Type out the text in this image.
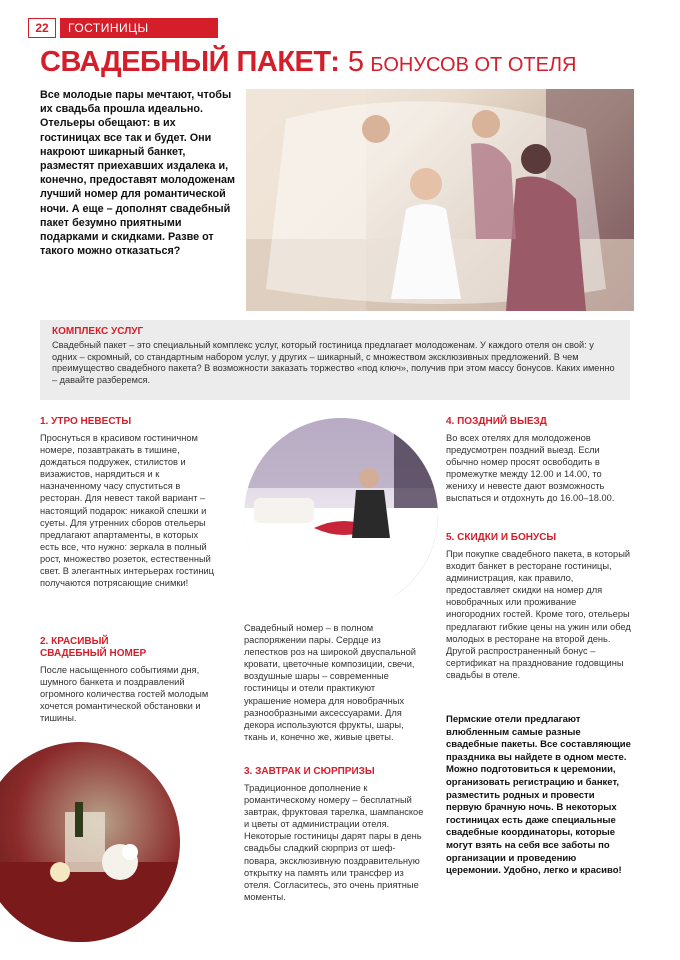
22	ГОСТИНИЦЫ
СВАДЕБНЫЙ ПАКЕТ: 5 БОНУСОВ ОТ ОТЕЛЯ

Все молодые пары мечтают, чтобы их свадьба прошла идеально. Отельеры обещают: в их гостиницах все так и будет. Они накроют шикарный банкет, разместят приехавших издалека и, конечно, предоставят молодоженам лучший номер для романтической ночи. А еще – дополнят свадебный пакет безумно приятными подарками и скидками. Разве от такого можно отказаться?

КОМПЛЕКС УСЛУГ

Свадебный пакет – это специальный комплекс услуг, который гостиница предлагает молодоженам. У каждого отеля он свой: у одних – скромный, со стандартным набором услуг, у других – шикарный, с множеством эксклюзивных предложений. В чем преимущество свадебного пакета? В возможности заказать торжество «под ключ», получив при этом массу бонусов. Каких именно – давайте разберемся.

1. УТРО НЕВЕСТЫ

Проснуться в красивом гостиничном номере, позавтракать в тишине, дождаться подружек, стилистов и визажистов, нарядиться и к назначенному часу спуститься в ресторан. Для невест такой вариант – настоящий подарок: никакой спешки и суеты. Для утренних сборов отельеры предлагают апартаменты, в которых есть все, что нужно: зеркала в полный рост, множество розеток, естественный свет. В элегантных интерьерах гостиниц получаются потрясающие снимки!

2. КРАСИВЫЙ СВАДЕБНЫЙ НОМЕР

После насыщенного событиями дня, шумного банкета и поздравлений огромного количества гостей молодым хочется романтической обстановки и тишины.

Свадебный номер – в полном распоряжении пары. Сердце из лепестков роз на широкой двуспальной кровати, цветочные композиции, свечи, воздушные шары – современные гостиницы и отели практикуют украшение номера для новобрачных разнообразными аксессуарами. Для декора используются фрукты, шары, ткань и, конечно же, живые цветы.

3. ЗАВТРАК И СЮРПРИЗЫ

Традиционное дополнение к романтическому номеру – бесплатный завтрак, фруктовая тарелка, шампанское и цветы от администрации отеля. Некоторые гостиницы дарят пары в день свадьбы сладкий сюрприз от шеф-повара, эксклюзивную поздравительную открытку на память или трансфер из отеля. Согласитесь, это очень приятные моменты.

4. ПОЗДНИЙ ВЫЕЗД

Во всех отелях для молодоженов предусмотрен поздний выезд. Если обычно номер просят освободить в промежутке между 12.00 и 14.00, то жениху и невесте дают возможность выспаться и отдохнуть до 16.00–18.00.

5. СКИДКИ И БОНУСЫ

При покупке свадебного пакета, в который входит банкет в ресторане гостиницы, администрация, как правило, предоставляет скидки на номер для новобрачных или проживание иногородних гостей. Кроме того, отельеры предлагают гибкие цены на ужин или обед молодых в ресторане на второй день. Другой распространенный бонус – сертификат на празднование годовщины свадьбы в отеле.

Пермские отели предлагают влюбленным самые разные свадебные пакеты. Все составляющие праздника вы найдете в одном месте. Можно подготовиться к церемонии, организовать регистрацию и банкет, разместить родных и провести первую брачную ночь. В некоторых гостиницах есть даже специальные свадебные координаторы, которые могут взять на себя все заботы по организации и проведению церемонии. Удобно, легко и красиво!
